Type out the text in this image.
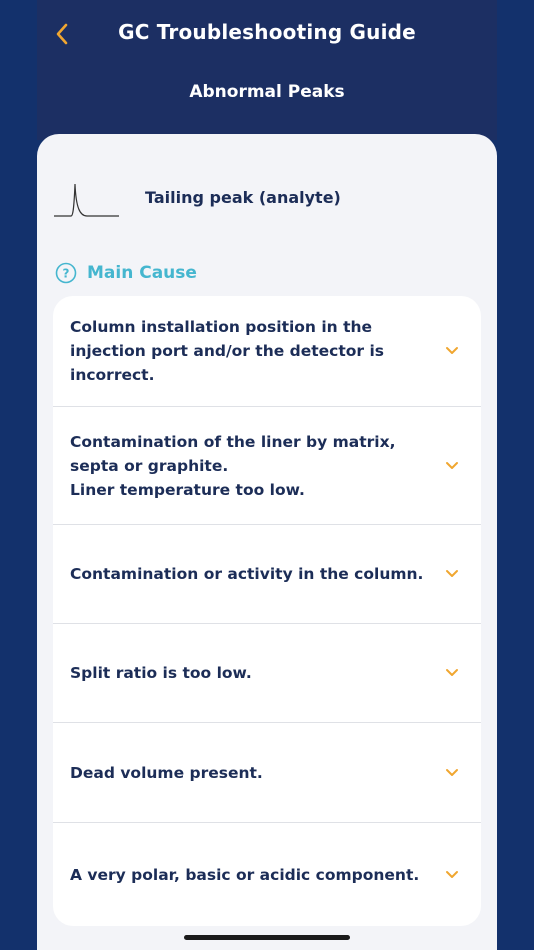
GC Troubleshooting Guide
Abnormal Peaks
Tailing peak (analyte)
? Main Cause
Column installation position in the
injection port and/or the detector is
incorrect.
Contamination of the liner by matrix,
septa or graphite.
Liner temperature too low.
Contamination or activity in the column.
Split ratio is too low.
Dead volume present.
A very polar, basic or acidic component.
